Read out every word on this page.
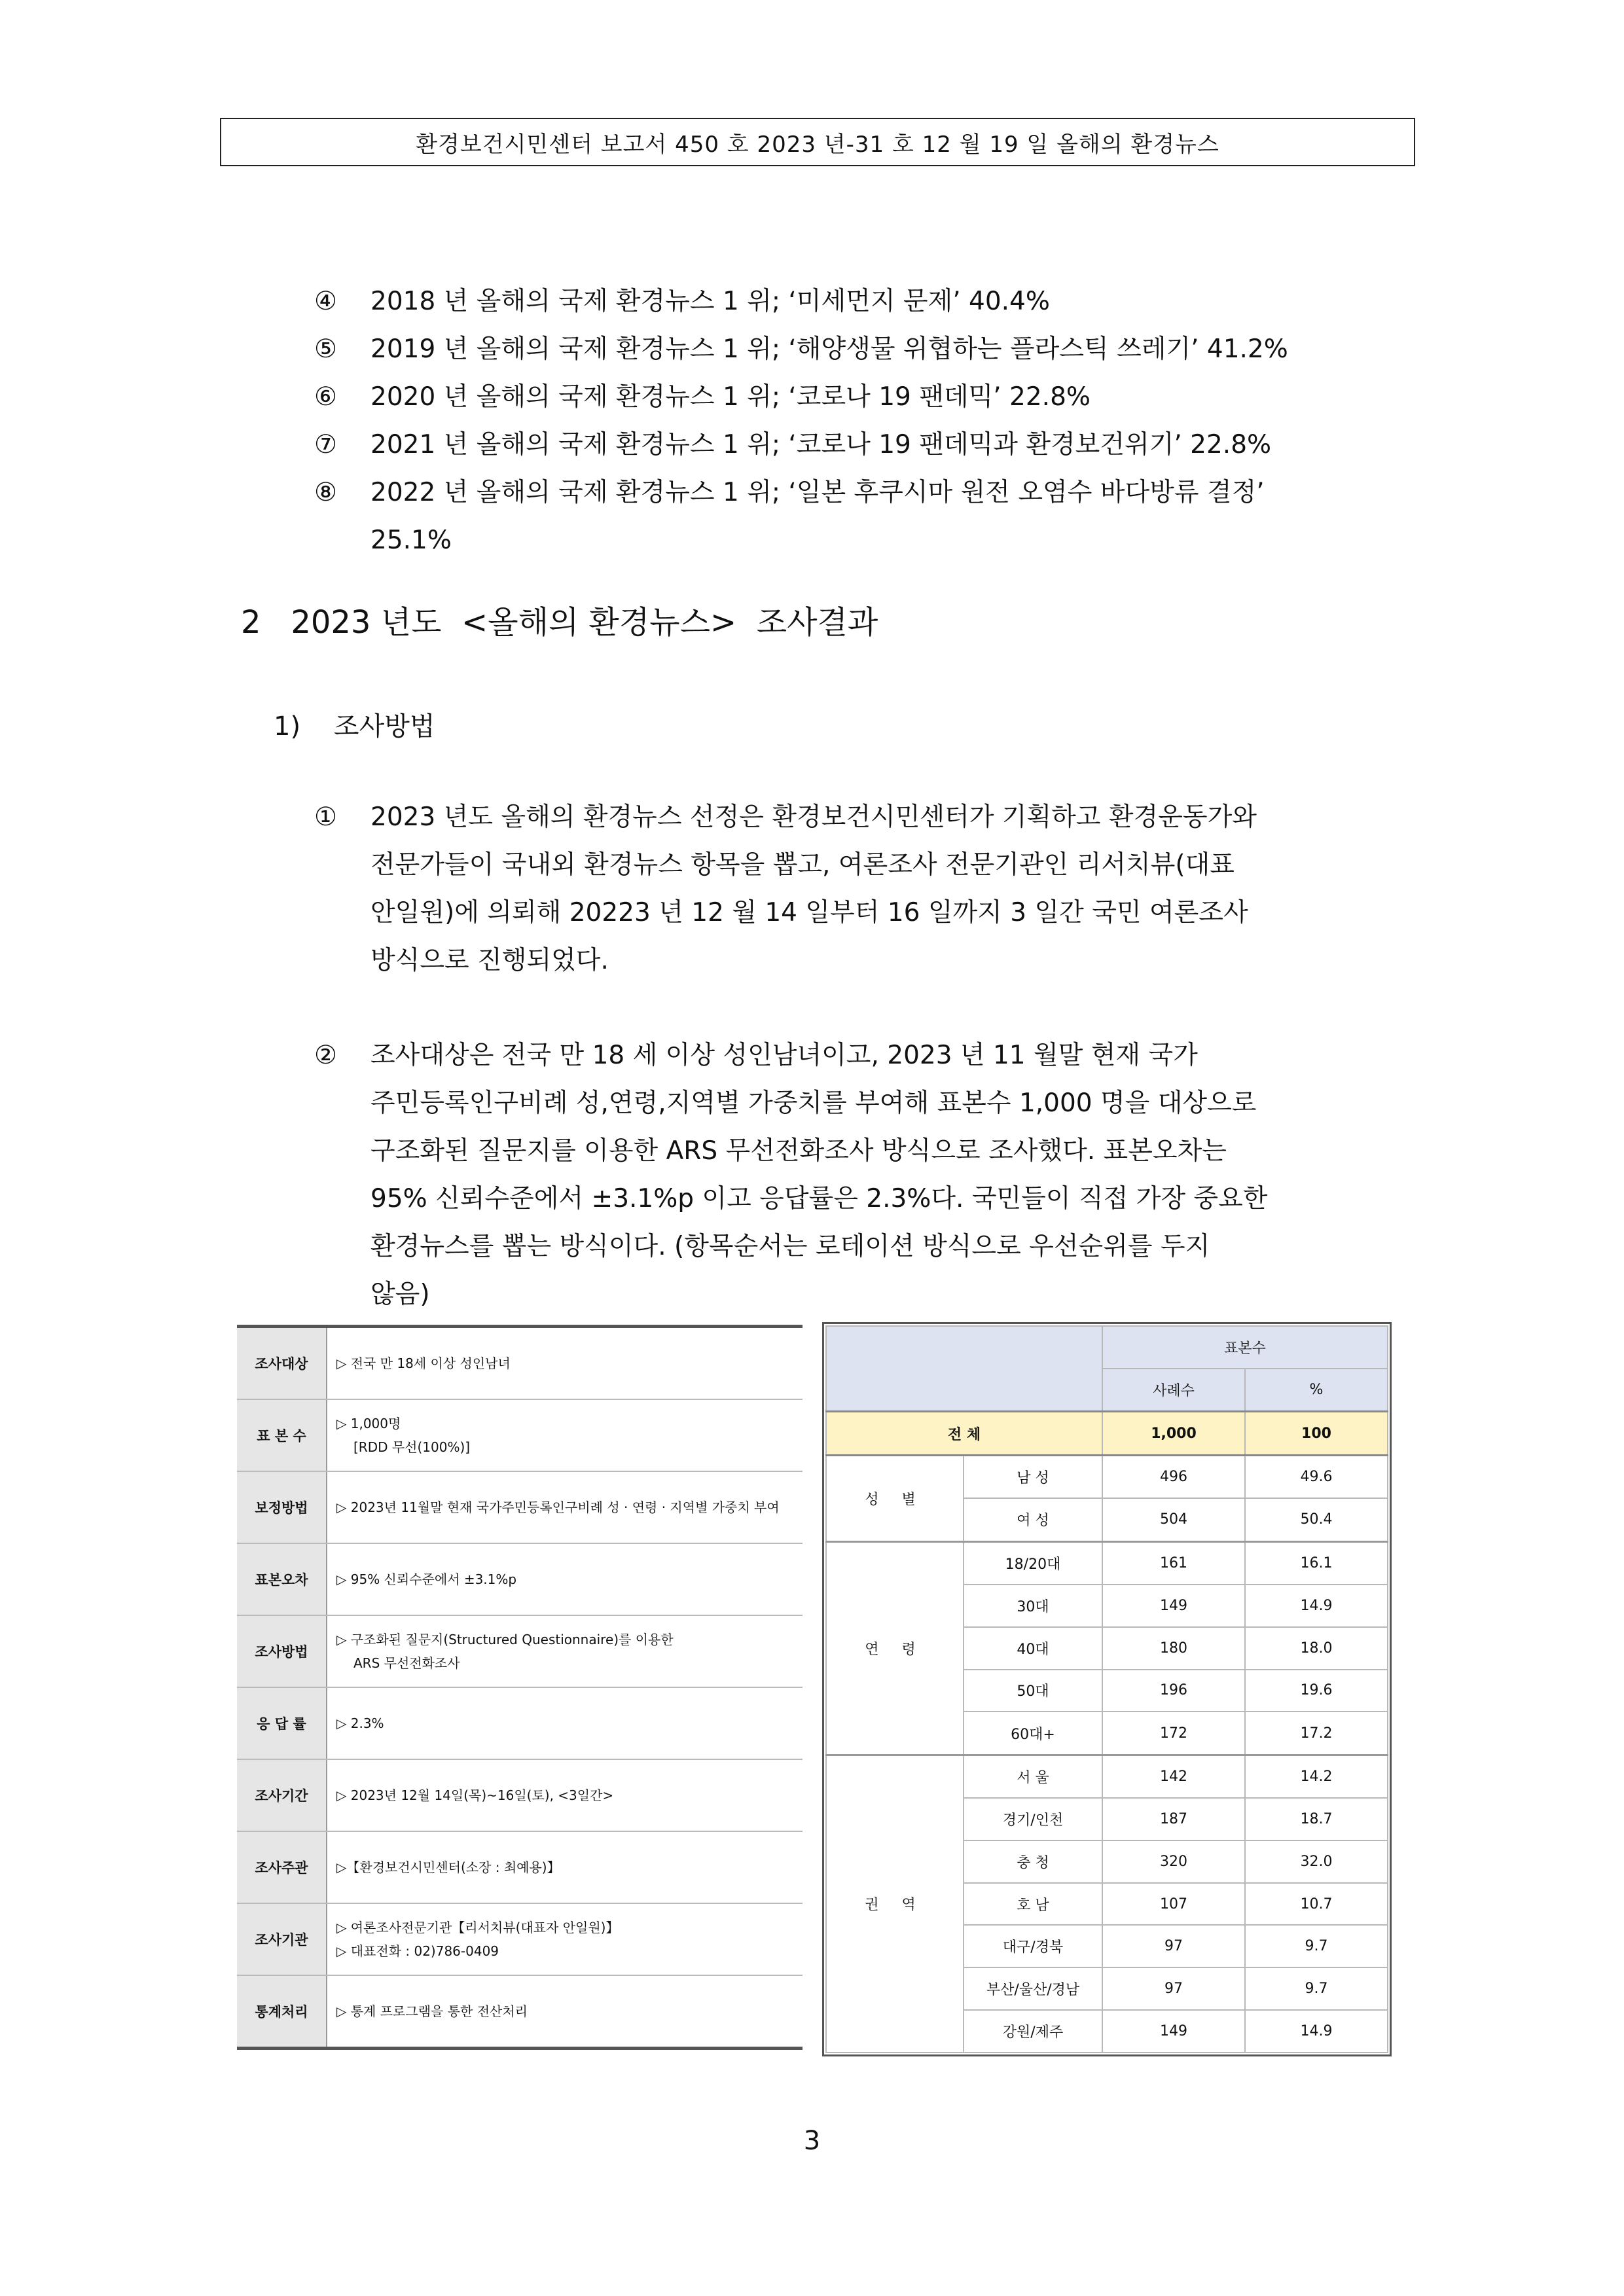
환경보건시민센터 보고서 450 호 2023 년-31 호 12 월 19 일 올해의 환경뉴스
④	2018 년 올해의 국제 환경뉴스 1 위; ‘미세먼지 문제’ 40.4%
⑤	2019 년 올해의 국제 환경뉴스 1 위; ‘해양생물 위협하는 플라스틱 쓰레기’ 41.2%
⑥	2020 년 올해의 국제 환경뉴스 1 위; ‘코로나 19 팬데믹’ 22.8%
⑦	2021 년 올해의 국제 환경뉴스 1 위; ‘코로나 19 팬데믹과 환경보건위기’ 22.8%
⑧	2022 년 올해의 국제 환경뉴스 1 위; ‘일본 후쿠시마 원전 오염수 바다방류 결정’
25.1%
2   2023 년도  <올해의 환경뉴스>  조사결과
1)    조사방법
① 2023 년도 올해의 환경뉴스 선정은 환경보건시민센터가 기획하고 환경운동가와
전문가들이 국내외 환경뉴스 항목을 뽑고, 여론조사 전문기관인 리서치뷰(대표
안일원)에 의뢰해 20223 년 12 월 14 일부터 16 일까지 3 일간 국민 여론조사
방식으로 진행되었다.
② 조사대상은 전국 만 18 세 이상 성인남녀이고, 2023 년 11 월말 현재 국가
주민등록인구비례 성,연령,지역별 가중치를 부여해 표본수 1,000 명을 대상으로
구조화된 질문지를 이용한 ARS 무선전화조사 방식으로 조사했다. 표본오차는
95% 신뢰수준에서 ±3.1%p 이고 응답률은 2.3%다. 국민들이 직접 가장 중요한
환경뉴스를 뽑는 방식이다. (항목순서는 로테이션 방식으로 우선순위를 두지
않음)
조사대상	▷ 전국 만 18세 이상 성인남녀

표 본 수	▷ 1,000명
[RDD 무선(100%)]

보정방법	▷ 2023년 11월말 현재 국가주민등록인구비례 성 · 연령 · 지역별 가중치 부여

표본오차	▷ 95% 신뢰수준에서 ±3.1%p

조사방법	▷ 구조화된 질문지(Structured Questionnaire)를 이용한
ARS 무선전화조사

응 답 률	▷ 2.3%

조사기간	▷ 2023년 12월 14일(목)~16일(토), <3일간>

조사주관	▷【환경보건시민센터(소장 : 최예용)】

조사기관	▷ 여론조사전문기관【리서치뷰(대표자 안일원)】
▷ 대표전화 : 02)786-0409

통계처리	▷ 통계 프로그램을 통한 전산처리
		표본수	
		사례수	%
전 체		1,000	100
성 별	남 성	496	49.6
	여 성	504	50.4
연 령	18/20대	161	16.1
	30대	149	14.9
	40대	180	18.0
	50대	196	19.6
	60대+	172	17.2
권 역	서 울	142	14.2
	경기/인천	187	18.7
	충 청	320	32.0
	호 남	107	10.7
	대구/경북	97	9.7
	부산/울산/경남	97	9.7
	강원/제주	149	14.9
3
